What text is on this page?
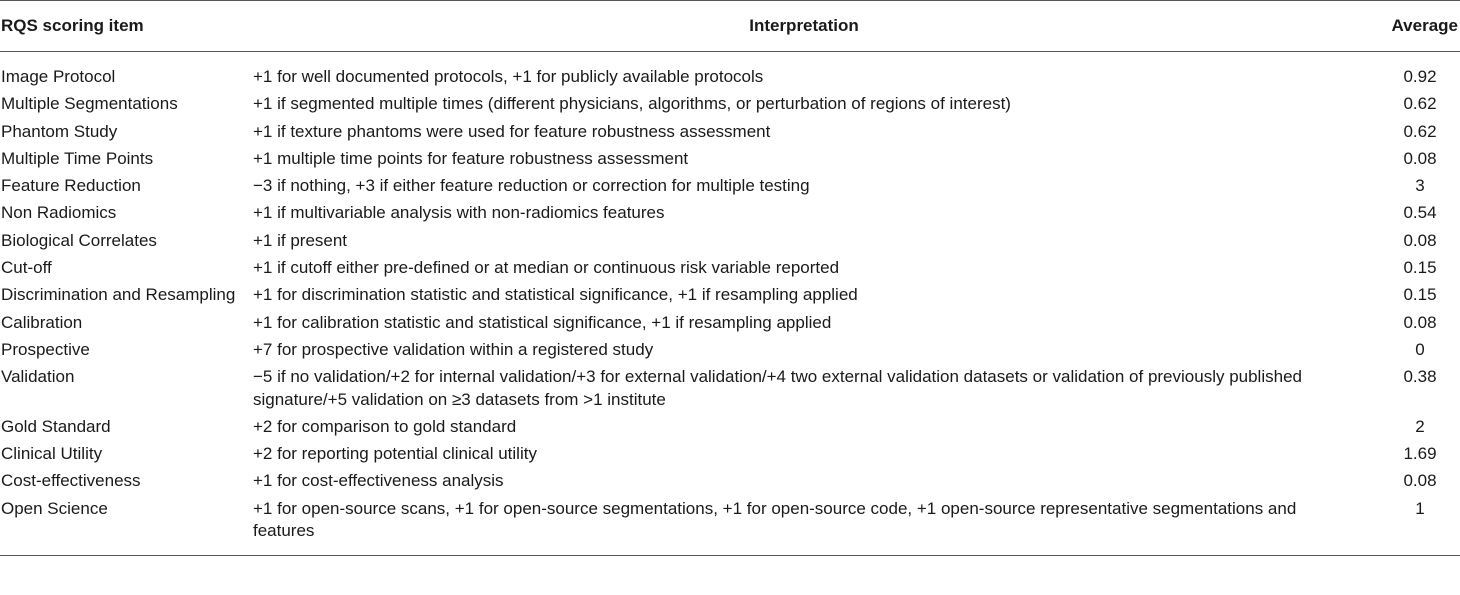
RQS scoring item	Interpretation	Average
Image Protocol	+1 for well documented protocols, +1 for publicly available protocols	0.92
Multiple Segmentations	+1 if segmented multiple times (different physicians, algorithms, or perturbation of regions of interest)	0.62
Phantom Study	+1 if texture phantoms were used for feature robustness assessment	0.62
Multiple Time Points	+1 multiple time points for feature robustness assessment	0.08
Feature Reduction	−3 if nothing, +3 if either feature reduction or correction for multiple testing	3
Non Radiomics	+1 if multivariable analysis with non-radiomics features	0.54
Biological Correlates	+1 if present	0.08
Cut-off	+1 if cutoff either pre-defined or at median or continuous risk variable reported	0.15
Discrimination and Resampling	+1 for discrimination statistic and statistical significance, +1 if resampling applied	0.15
Calibration	+1 for calibration statistic and statistical significance, +1 if resampling applied	0.08
Prospective	+7 for prospective validation within a registered study	0
Validation	−5 if no validation/+2 for internal validation/+3 for external validation/+4 two external validation datasets or validation of previously published signature/+5 validation on ≥3 datasets from >1 institute	0.38
Gold Standard	+2 for comparison to gold standard	2
Clinical Utility	+2 for reporting potential clinical utility	1.69
Cost-effectiveness	+1 for cost-effectiveness analysis	0.08
Open Science	+1 for open-source scans, +1 for open-source segmentations, +1 for open-source code, +1 open-source representative segmentations and features	1
